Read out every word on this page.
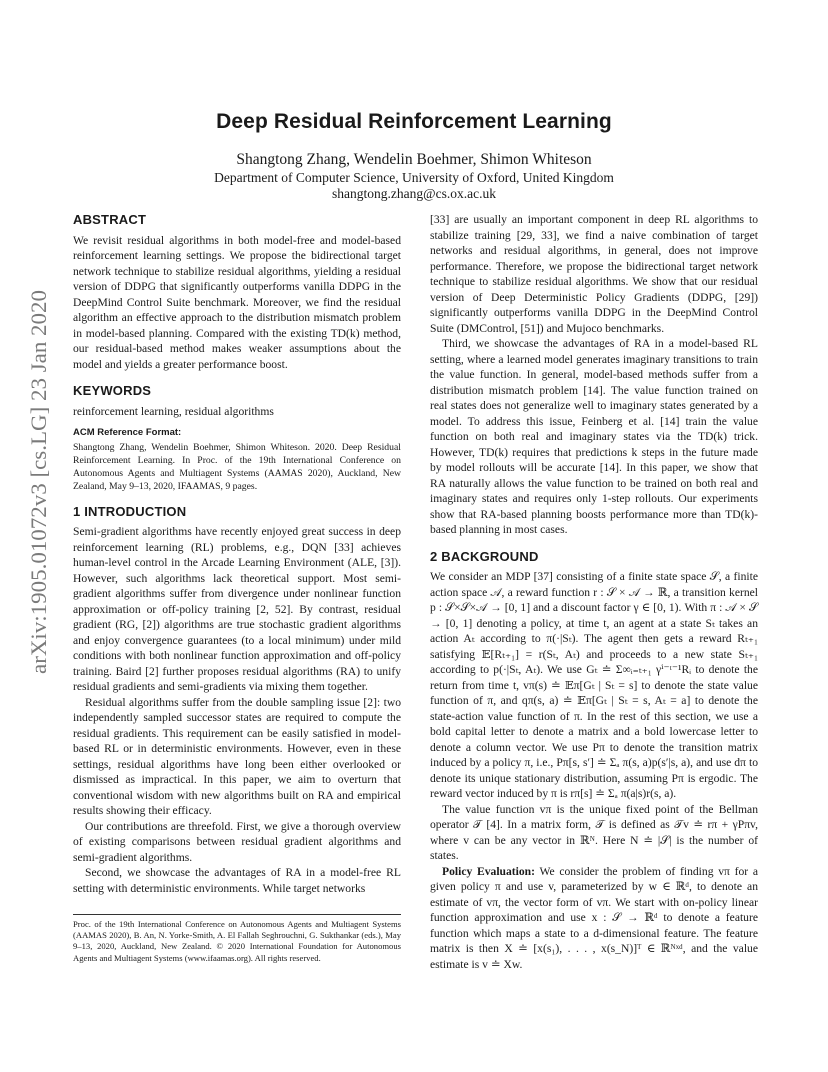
arXiv:1905.01072v3 [cs.LG] 23 Jan 2020
Deep Residual Reinforcement Learning
Shangtong Zhang, Wendelin Boehmer, Shimon Whiteson
Department of Computer Science, University of Oxford, United Kingdom
shangtong.zhang@cs.ox.ac.uk
ABSTRACT

We revisit residual algorithms in both model-free and model-based reinforcement learning settings. We propose the bidirectional target network technique to stabilize residual algorithms, yielding a residual version of DDPG that significantly outperforms vanilla DDPG in the DeepMind Control Suite benchmark. Moreover, we find the residual algorithm an effective approach to the distribution mismatch problem in model-based planning. Compared with the existing TD(k) method, our residual-based method makes weaker assumptions about the model and yields a greater performance boost.

KEYWORDS

reinforcement learning, residual algorithms

ACM Reference Format:

Shangtong Zhang, Wendelin Boehmer, Shimon Whiteson. 2020. Deep Residual Reinforcement Learning. In Proc. of the 19th International Conference on Autonomous Agents and Multiagent Systems (AAMAS 2020), Auckland, New Zealand, May 9–13, 2020, IFAAMAS, 9 pages.

1 INTRODUCTION

Semi-gradient algorithms have recently enjoyed great success in deep reinforcement learning (RL) problems, e.g., DQN [33] achieves human-level control in the Arcade Learning Environment (ALE, [3]). However, such algorithms lack theoretical support. Most semi-gradient algorithms suffer from divergence under nonlinear function approximation or off-policy training [2, 52]. By contrast, residual gradient (RG, [2]) algorithms are true stochastic gradient algorithms and enjoy convergence guarantees (to a local minimum) under mild conditions with both nonlinear function approximation and off-policy training. Baird [2] further proposes residual algorithms (RA) to unify residual gradients and semi-gradients via mixing them together.

Residual algorithms suffer from the double sampling issue [2]: two independently sampled successor states are required to compute the residual gradients. This requirement can be easily satisfied in model-based RL or in deterministic environments. However, even in these settings, residual algorithms have long been either overlooked or dismissed as impractical. In this paper, we aim to overturn that conventional wisdom with new algorithms built on RA and empirical results showing their efficacy.

Our contributions are threefold. First, we give a thorough overview of existing comparisons between residual gradient algorithms and semi-gradient algorithms.

Second, we showcase the advantages of RA in a model-free RL setting with deterministic environments. While target networks

Proc. of the 19th International Conference on Autonomous Agents and Multiagent Systems (AAMAS 2020), B. An, N. Yorke-Smith, A. El Fallah Seghrouchni, G. Sukthankar (eds.), May 9–13, 2020, Auckland, New Zealand. © 2020 International Foundation for Autonomous Agents and Multiagent Systems (www.ifaamas.org). All rights reserved.

[33] are usually an important component in deep RL algorithms to stabilize training [29, 33], we find a naive combination of target networks and residual algorithms, in general, does not improve performance. Therefore, we propose the bidirectional target network technique to stabilize residual algorithms. We show that our residual version of Deep Deterministic Policy Gradients (DDPG, [29]) significantly outperforms vanilla DDPG in the DeepMind Control Suite (DMControl, [51]) and Mujoco benchmarks.

Third, we showcase the advantages of RA in a model-based RL setting, where a learned model generates imaginary transitions to train the value function. In general, model-based methods suffer from a distribution mismatch problem [14]. The value function trained on real states does not generalize well to imaginary states generated by a model. To address this issue, Feinberg et al. [14] train the value function on both real and imaginary states via the TD(k) trick. However, TD(k) requires that predictions k steps in the future made by model rollouts will be accurate [14]. In this paper, we show that RA naturally allows the value function to be trained on both real and imaginary states and requires only 1-step rollouts. Our experiments show that RA-based planning boosts performance more than TD(k)-based planning in most cases.

2 BACKGROUND

We consider an MDP [37] consisting of a finite state space 𝒮, a finite action space 𝒜, a reward function r : 𝒮 × 𝒜 → ℝ, a transition kernel p : 𝒮×𝒮×𝒜 → [0, 1] and a discount factor γ ∈ [0, 1). With π : 𝒜 × 𝒮 → [0, 1] denoting a policy, at time t, an agent at a state Sₜ takes an action Aₜ according to π(·|Sₜ). The agent then gets a reward Rₜ₊₁ satisfying 𝔼[Rₜ₊₁] = r(Sₜ, Aₜ) and proceeds to a new state Sₜ₊₁ according to p(·|Sₜ, Aₜ). We use Gₜ ≐ Σ∞ᵢ₌ₜ₊₁ γⁱ⁻ᵗ⁻¹Rᵢ to denote the return from time t, vπ(s) ≐ 𝔼π[Gₜ | Sₜ = s] to denote the state value function of π, and qπ(s, a) ≐ 𝔼π[Gₜ | Sₜ = s, Aₜ = a] to denote the state-action value function of π. In the rest of this section, we use a bold capital letter to denote a matrix and a bold lowercase letter to denote a column vector. We use Pπ to denote the transition matrix induced by a policy π, i.e., Pπ[s, s′] ≐ Σₐ π(s, a)p(s′|s, a), and use dπ to denote its unique stationary distribution, assuming Pπ is ergodic. The reward vector induced by π is rπ[s] ≐ Σₐ π(a|s)r(s, a).

The value function vπ is the unique fixed point of the Bellman operator 𝒯 [4]. In a matrix form, 𝒯 is defined as 𝒯v ≐ rπ + γPπv, where v can be any vector in ℝᴺ. Here N ≐ |𝒮| is the number of states.

Policy Evaluation: We consider the problem of finding vπ for a given policy π and use v, parameterized by w ∈ ℝᵈ, to denote an estimate of vπ, the vector form of vπ. We start with on-policy linear function approximation and use x : 𝒮 → ℝᵈ to denote a feature function which maps a state to a d-dimensional feature. The feature matrix is then X ≐ [x(s₁), . . . , x(s_N)]ᵀ ∈ ℝᴺˣᵈ, and the value estimate is v ≐ Xw.
